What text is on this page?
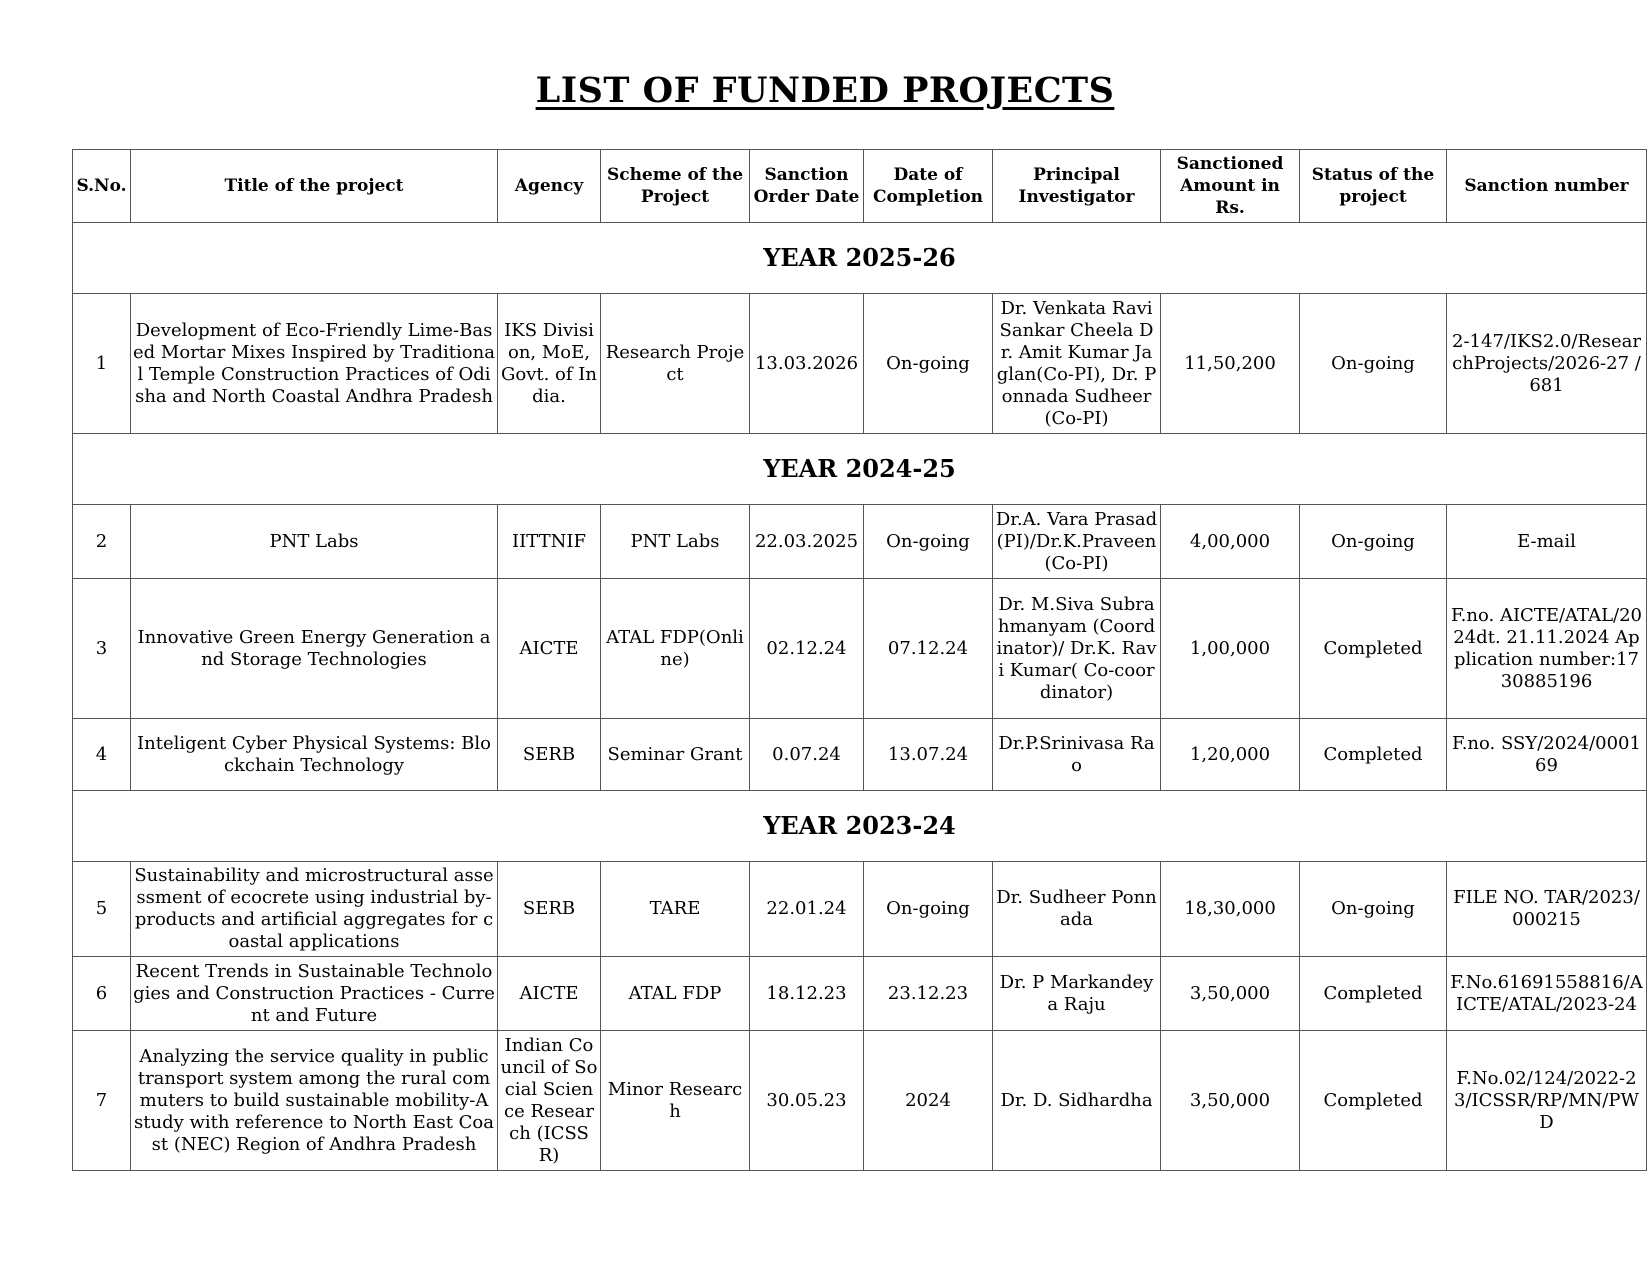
LIST OF FUNDED PROJECTS
S.No.	Title of the project	Agency	Scheme of the Project	Sanction Order Date	Date of Completion	Principal Investigator	Sanctioned Amount in Rs.	Status of the project	Sanction number
YEAR 2025-26									
1	Development of Eco-Friendly Lime-Based Mortar Mixes Inspired by Traditional Temple Construction Practices of Odisha and North Coastal Andhra Pradesh	IKS Division, MoE, Govt. of India.	Research Project	13.03.2026	On-going	Dr. Venkata Ravi Sankar Cheela Dr. Amit Kumar Jaglan(Co-PI), Dr. Ponnada Sudheer (Co-PI)	11,50,200	On-going	2-147/IKS2.0/ResearchProjects/2026-27 / 681
YEAR 2024-25									
2	PNT Labs	IITTNIF	PNT Labs	22.03.2025	On-going	Dr.A. Vara Prasad(PI)/Dr.K.Praveen(Co-PI)	4,00,000	On-going	E-mail
3	Innovative Green Energy Generation and Storage Technologies	AICTE	ATAL FDP(Online)	02.12.24	07.12.24	Dr. M.Siva Subrahmanyam (Coordinator)/ Dr.K. Ravi Kumar( Co-coordinator)	1,00,000	Completed	F.no. AICTE/ATAL/2024dt. 21.11.2024 Application number:1730885196
4	Inteligent Cyber Physical Systems: Blockchain Technology	SERB	Seminar Grant	0.07.24	13.07.24	Dr.P.Srinivasa Rao	1,20,000	Completed	F.no. SSY/2024/000169
YEAR 2023-24									
5	Sustainability and microstructural assessment of ecocrete using industrial by-products and artificial aggregates for coastal applications	SERB	TARE	22.01.24	On-going	Dr. Sudheer Ponnada	18,30,000	On-going	FILE NO. TAR/2023/000215
6	Recent Trends in Sustainable Technologies and Construction Practices - Current and Future	AICTE	ATAL FDP	18.12.23	23.12.23	Dr. P Markandeya Raju	3,50,000	Completed	F.No.61691558816/AICTE/ATAL/2023-24
7	Analyzing the service quality in public transport system among the rural commuters to build sustainable mobility-A study with reference to North East Coast (NEC) Region of Andhra Pradesh	Indian Council of Social Science Research (ICSSR)	Minor Research	30.05.23	2024	Dr. D. Sidhardha	3,50,000	Completed	F.No.02/124/2022-23/ICSSR/RP/MN/PWD
